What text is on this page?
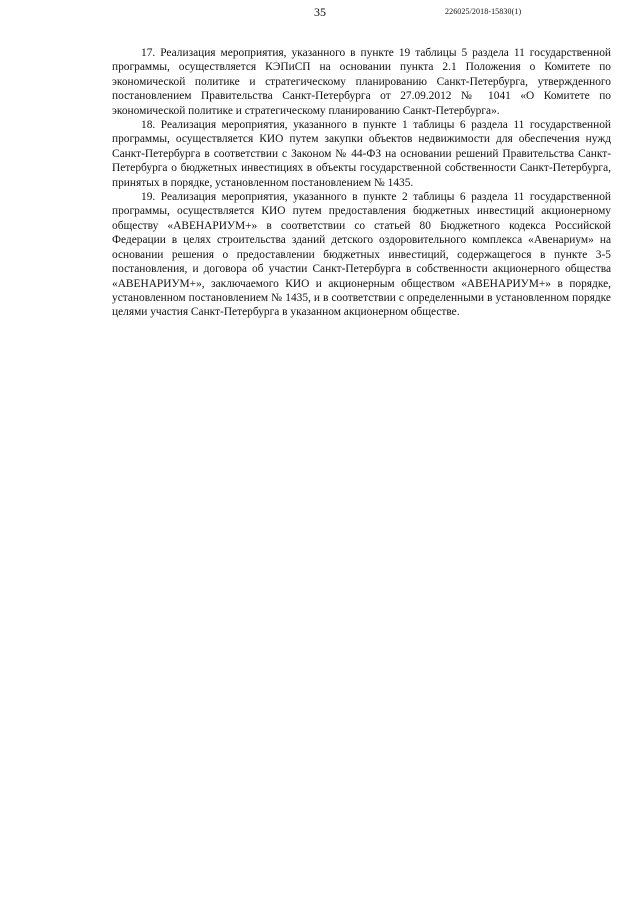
35	226025/2018-15830(1)

17. Реализация мероприятия, указанного в пункте 19 таблицы 5 раздела 11 государственной программы, осуществляется КЭПиСП на основании пункта 2.1 Положения о Комитете по экономической политике и стратегическому планированию Санкт-Петербурга, утвержденного постановлением Правительства Санкт-Петербурга от 27.09.2012 № 1041 «О Комитете по экономической политике и стратегическому планированию Санкт-Петербурга».

18. Реализация мероприятия, указанного в пункте 1 таблицы 6 раздела 11 государственной программы, осуществляется КИО путем закупки объектов недвижимости для обеспечения нужд Санкт-Петербурга в соответствии с Законом № 44-ФЗ на основании решений Правительства Санкт-Петербурга о бюджетных инвестициях в объекты государственной собственности Санкт-Петербурга, принятых в порядке, установленном постановлением № 1435.

19. Реализация мероприятия, указанного в пункте 2 таблицы 6 раздела 11 государственной программы, осуществляется КИО путем предоставления бюджетных инвестиций акционерному обществу «АВЕНАРИУМ+» в соответствии со статьей 80 Бюджетного кодекса Российской Федерации в целях строительства зданий детского оздоровительного комплекса «Авенариум» на основании решения о предоставлении бюджетных инвестиций, содержащегося в пункте 3-5 постановления, и договора об участии Санкт-Петербурга в собственности акционерного общества «АВЕНАРИУМ+», заключаемого КИО и акционерным обществом «АВЕНАРИУМ+» в порядке, установленном постановлением № 1435, и в соответствии с определенными в установленном порядке целями участия Санкт-Петербурга в указанном акционерном обществе.
